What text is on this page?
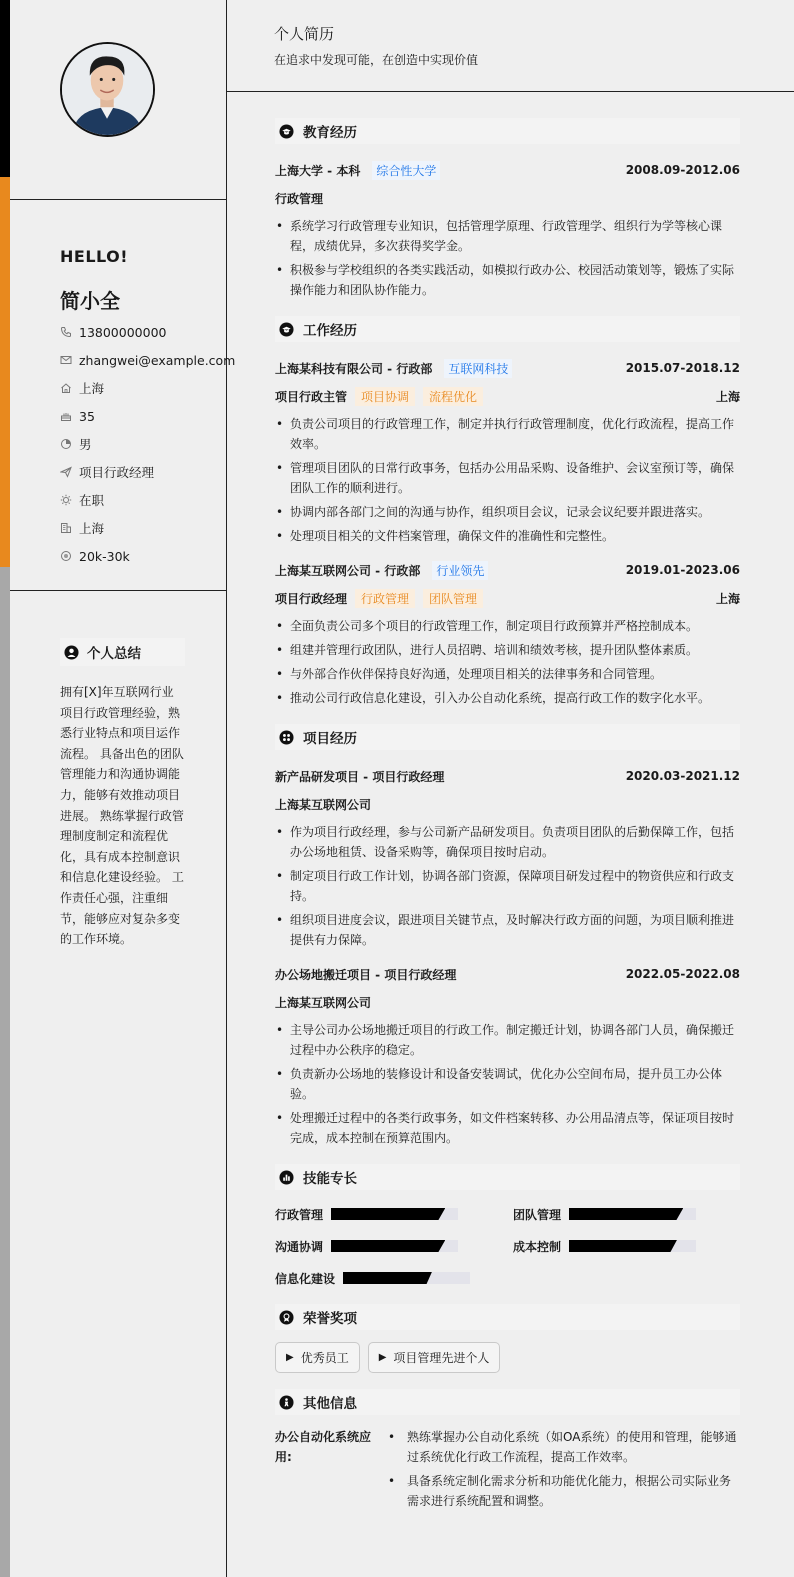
HELLO!
简小全
13800000000
zhangwei@example.com
上海
35
男
项目行政经理
在职
上海
20k-30k
个人总结
拥有[X]年互联网行业项目行政管理经验，熟悉行业特点和项目运作流程。 具备出色的团队管理能力和沟通协调能力，能够有效推动项目进展。 熟练掌握行政管理制度制定和流程优化，具有成本控制意识和信息化建设经验。 工作责任心强，注重细节，能够应对复杂多变的工作环境。
个人简历
在追求中发现可能，在创造中实现价值
教育经历
上海大学 - 本科	综合性大学	2008.09-2012.06
行政管理
• 系统学习行政管理专业知识，包括管理学原理、行政管理学、组织行为学等核心课程，成绩优异，多次获得奖学金。
• 积极参与学校组织的各类实践活动，如模拟行政办公、校园活动策划等，锻炼了实际操作能力和团队协作能力。
工作经历
上海某科技有限公司 - 行政部	互联网科技	2015.07-2018.12
项目行政主管	项目协调	流程优化	上海
• 负责公司项目的行政管理工作，制定并执行行政管理制度，优化行政流程，提高工作效率。
• 管理项目团队的日常行政事务，包括办公用品采购、设备维护、会议室预订等，确保团队工作的顺利进行。
• 协调内部各部门之间的沟通与协作，组织项目会议，记录会议纪要并跟进落实。
• 处理项目相关的文件档案管理，确保文件的准确性和完整性。
上海某互联网公司 - 行政部	行业领先	2019.01-2023.06
项目行政经理	行政管理	团队管理	上海
• 全面负责公司多个项目的行政管理工作，制定项目行政预算并严格控制成本。
• 组建并管理行政团队，进行人员招聘、培训和绩效考核，提升团队整体素质。
• 与外部合作伙伴保持良好沟通，处理项目相关的法律事务和合同管理。
• 推动公司行政信息化建设，引入办公自动化系统，提高行政工作的数字化水平。
项目经历
新产品研发项目 - 项目行政经理	2020.03-2021.12
上海某互联网公司
• 作为项目行政经理，参与公司新产品研发项目。负责项目团队的后勤保障工作，包括办公场地租赁、设备采购等，确保项目按时启动。
• 制定项目行政工作计划，协调各部门资源，保障项目研发过程中的物资供应和行政支持。
• 组织项目进度会议，跟进项目关键节点，及时解决行政方面的问题，为项目顺利推进提供有力保障。
办公场地搬迁项目 - 项目行政经理	2022.05-2022.08
上海某互联网公司
• 主导公司办公场地搬迁项目的行政工作。制定搬迁计划，协调各部门人员，确保搬迁过程中办公秩序的稳定。
• 负责新办公场地的装修设计和设备安装调试，优化办公空间布局，提升员工办公体验。
• 处理搬迁过程中的各类行政事务，如文件档案转移、办公用品清点等，保证项目按时完成，成本控制在预算范围内。
技能专长
行政管理	团队管理
沟通协调	成本控制
信息化建设
荣誉奖项
▶ 优秀员工	▶ 项目管理先进个人
其他信息
办公自动化系统应用:
• 熟练掌握办公自动化系统（如OA系统）的使用和管理，能够通过系统优化行政工作流程，提高工作效率。
• 具备系统定制化需求分析和功能优化能力，根据公司实际业务需求进行系统配置和调整。
